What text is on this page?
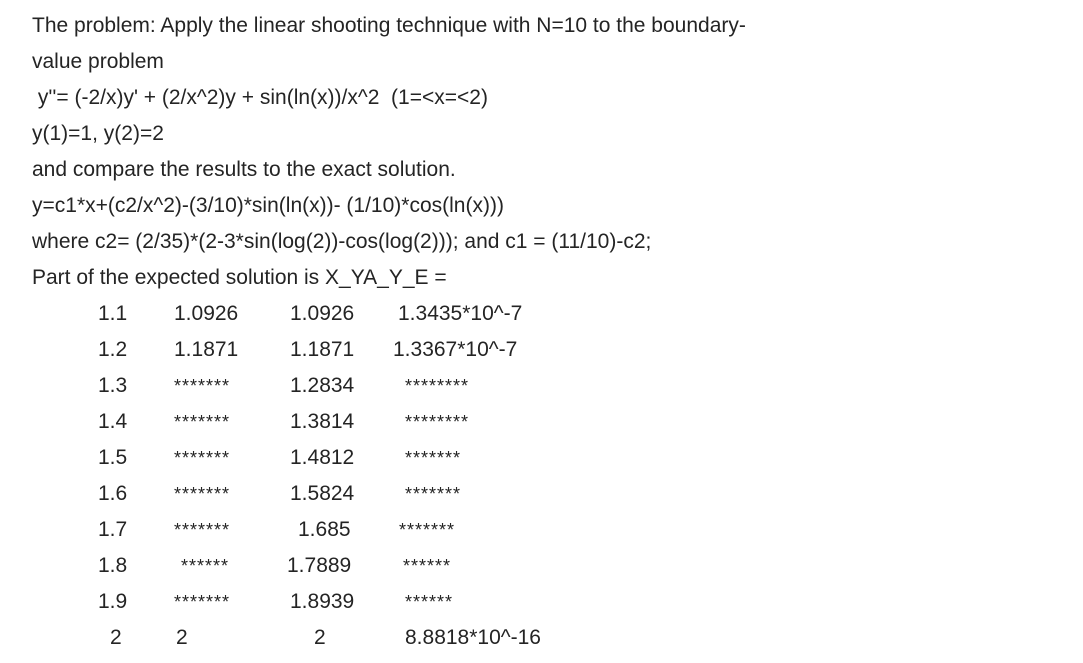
The problem: Apply the linear shooting technique with N=10 to the boundary-
value problem
y''= (-2/x)y' + (2/x^2)y + sin(ln(x))/x^2  (1=<x=<2)
y(1)=1, y(2)=2
and compare the results to the exact solution.
y=c1*x+(c2/x^2)-(3/10)*sin(ln(x))- (1/10)*cos(ln(x)))
where c2= (2/35)*(2-3*sin(log(2))-cos(log(2))); and c1 = (11/10)-c2;
Part of the expected solution is X_YA_Y_E =
1.1 1.0926 1.0926 1.3435*10^-7
1.2 1.1871 1.1871 1.3367*10^-7
1.3	*******	1.2834	********
1.4	*******	1.3814	********
1.5	*******	1.4812	*******
1.6	*******	1.5824	*******
1.7	*******	1.685	*******
1.8	******	1.7889	******
1.9	*******	1.8939	******
2	2	2	8.8818*10^-16
